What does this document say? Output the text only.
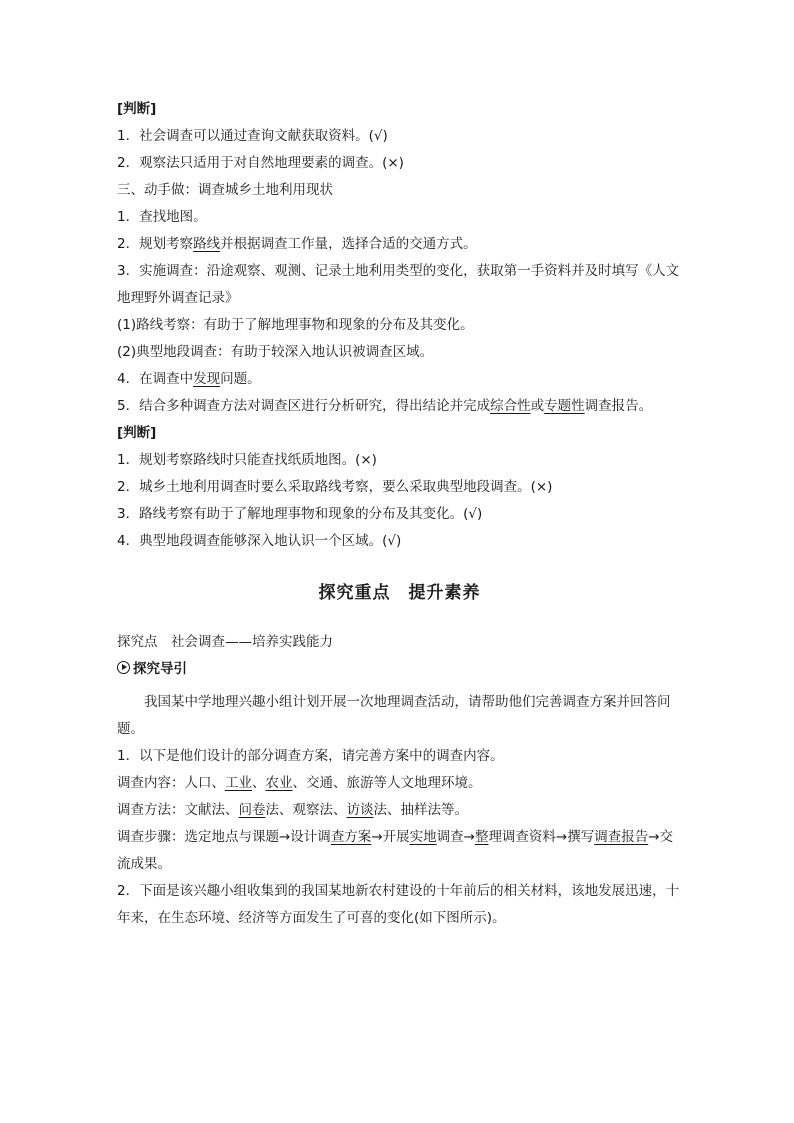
[判断]
1．社会调查可以通过查询文献获取资料。(√)
2．观察法只适用于对自然地理要素的调查。(×)
三、动手做：调查城乡土地利用现状
1．查找地图。
2．规划考察路线并根据调查工作量，选择合适的交通方式。
3．实施调查：沿途观察、观测、记录土地利用类型的变化，获取第一手资料并及时填写《人文地理野外调查记录》
(1)路线考察：有助于了解地理事物和现象的分布及其变化。
(2)典型地段调查：有助于较深入地认识被调查区域。
4．在调查中发现问题。
5．结合多种调查方法对调查区进行分析研究，得出结论并完成综合性或专题性调查报告。
[判断]
1．规划考察路线时只能查找纸质地图。(×)
2．城乡土地利用调查时要么采取路线考察，要么采取典型地段调查。(×)
3．路线考察有助于了解地理事物和现象的分布及其变化。(√)
4．典型地段调查能够深入地认识一个区域。(√)
探究重点　提升素养
探究点　社会调查——培养实践能力
探究导引
我国某中学地理兴趣小组计划开展一次地理调查活动，请帮助他们完善调查方案并回答问题。
1．以下是他们设计的部分调查方案，请完善方案中的调查内容。
调查内容：人口、工业、农业、交通、旅游等人文地理环境。
调查方法：文献法、问卷法、观察法、访谈法、抽样法等。
调查步骤：选定地点与课题→设计调查方案→开展实地调查→整理调查资料→撰写调查报告→交流成果。
2．下面是该兴趣小组收集到的我国某地新农村建设的十年前后的相关材料，该地发展迅速，十年来，在生态环境、经济等方面发生了可喜的变化(如下图所示)。
